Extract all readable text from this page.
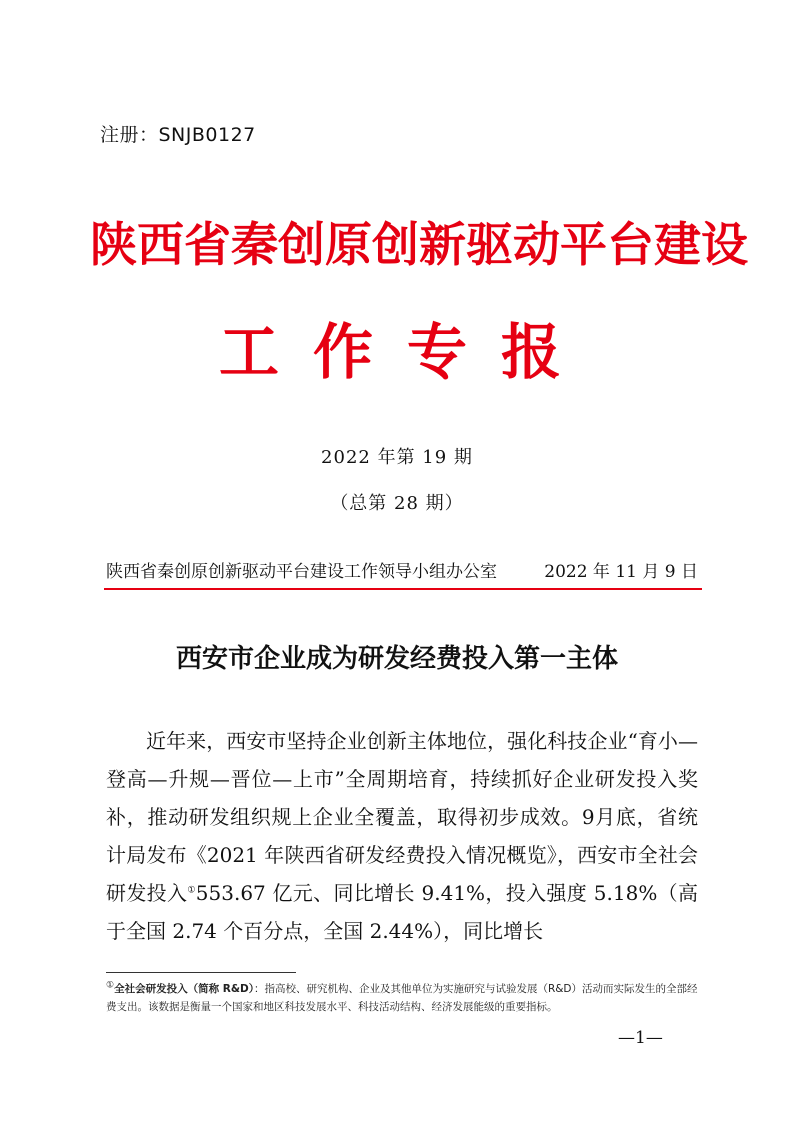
注册：SNJB0127
陕西省秦创原创新驱动平台建设
工作专报
2022 年第 19 期
（总第 28 期）
陕西省秦创原创新驱动平台建设工作领导小组办公室	2022 年 11 月 9 日
西安市企业成为研发经费投入第一主体

近年来，西安市坚持企业创新主体地位，强化科技企业“育小—登高—升规—晋位—上市”全周期培育，持续抓好企业研发投入奖补，推动研发组织规上企业全覆盖，取得初步成效。9月底，省统计局发布《2021 年陕西省研发经费投入情况概览》，西安市全社会研发投入①553.67 亿元、同比增长 9.41%，投入强度 5.18%（高于全国 2.74 个百分点，全国 2.44%），同比增长

①全社会研发投入（简称 R&D）：指高校、研究机构、企业及其他单位为实施研究与试验发展（R&D）活动而实际发生的全部经费支出。该数据是衡量一个国家和地区科技发展水平、科技活动结构、经济发展能级的重要指标。

—1—
